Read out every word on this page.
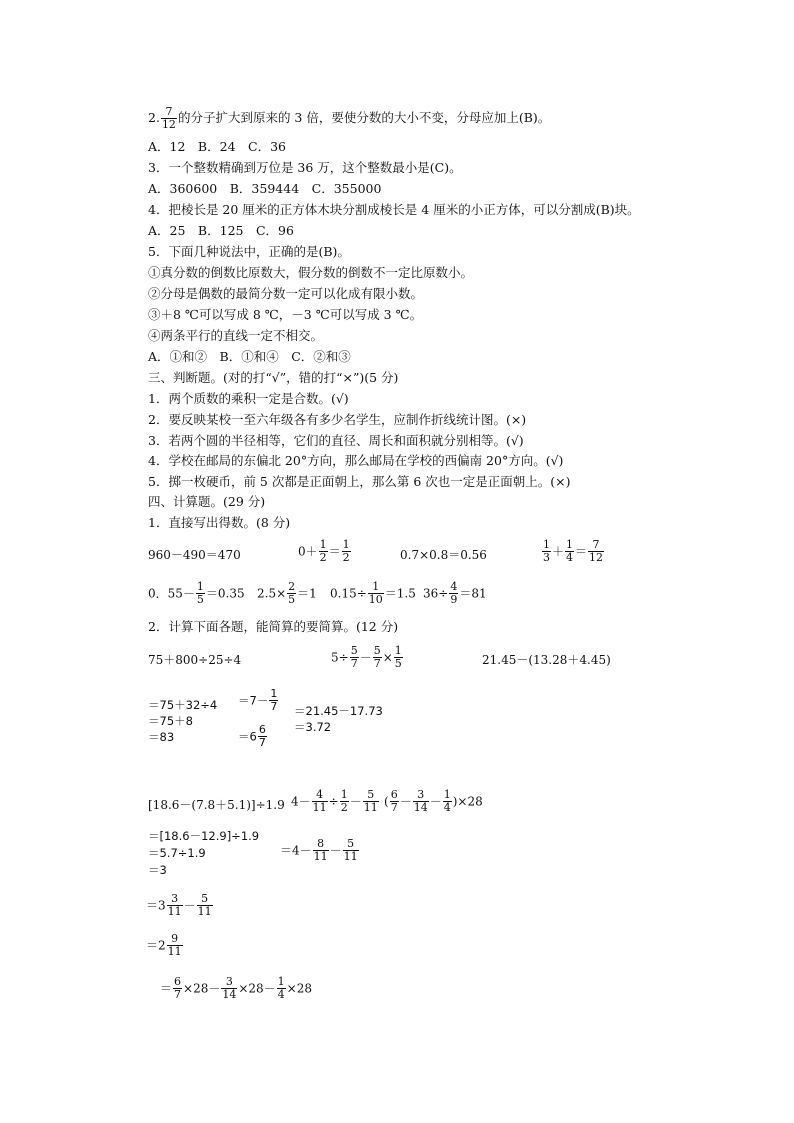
2. $\frac{7}{12}$ 的分子扩大到原来的 3 倍，要使分数的大小不变，分母应加上(B)。
A．12　B．24　C．36
3．一个整数精确到万位是 36 万，这个整数最小是(C)。
A．360600　B．359444　C．355000
4．把棱长是 20 厘米的正方体木块分割成棱长是 4 厘米的小正方体，可以分割成(B)块。
A．25　B．125　C．96
5．下面几种说法中，正确的是(B)。
①真分数的倒数比原数大，假分数的倒数不一定比原数小。
②分母是偶数的最简分数一定可以化成有限小数。
③＋8 ℃可以写成 8 ℃，－3 ℃可以写成 3 ℃。
④两条平行的直线一定不相交。
A．①和②　B．①和④　C．②和③
三、判断题。(对的打“√”，错的打“×”)(5 分)
1．两个质数的乘积一定是合数。(√)
2．要反映某校一至六年级各有多少名学生，应制作折线统计图。(×)
3．若两个圆的半径相等，它们的直径、周长和面积就分别相等。(√)
4．学校在邮局的东偏北 20°方向，那么邮局在学校的西偏南 20°方向。(√)
5．掷一枚硬币，前 5 次都是正面朝上，那么第 6 次也一定是正面朝上。(×)
四、计算题。(29 分)
1．直接写出得数。(8 分)
960－490＝470	$0+ \frac{1}{2} = \frac{1}{2}$	0.7×0.8＝0.56	$\frac{1}{3} + \frac{1}{4} = \frac{7}{12}$
0．$55- \frac{1}{5} =0.35$ $2.5\times \frac{2}{5} =1$ $0.15\div \frac{1}{10} =1.5$ $36\div \frac{4}{9} =81$
2．计算下面各题，能简算的要简算。(12 分)
75＋800÷25÷4
＝75＋32÷4
＝75＋8
＝83
$5\div \frac{5}{7} - \frac{5}{7} \times \frac{1}{5}$
$=7- \frac{1}{7}$
$=6 \frac{6}{7}$
21.45－(13.28＋4.45)
＝21.45－17.73
＝3.72
[18.6－(7.8＋5.1)]÷1.9
＝[18.6－12.9]÷1.9
＝5.7÷1.9
＝3
$4- \frac{4}{11} \div \frac{1}{2} - \frac{5}{11}$
$=4- \frac{8}{11} - \frac{5}{11}$
$=3 \frac{3}{11} - \frac{5}{11}$
$=2 \frac{9}{11}$
( $\frac{6}{7} - \frac{3}{14} - \frac{1}{4} )\times 28$
＝ $\frac{6}{7} \times 28- \frac{3}{14} \times 28- \frac{1}{4} \times 28$
